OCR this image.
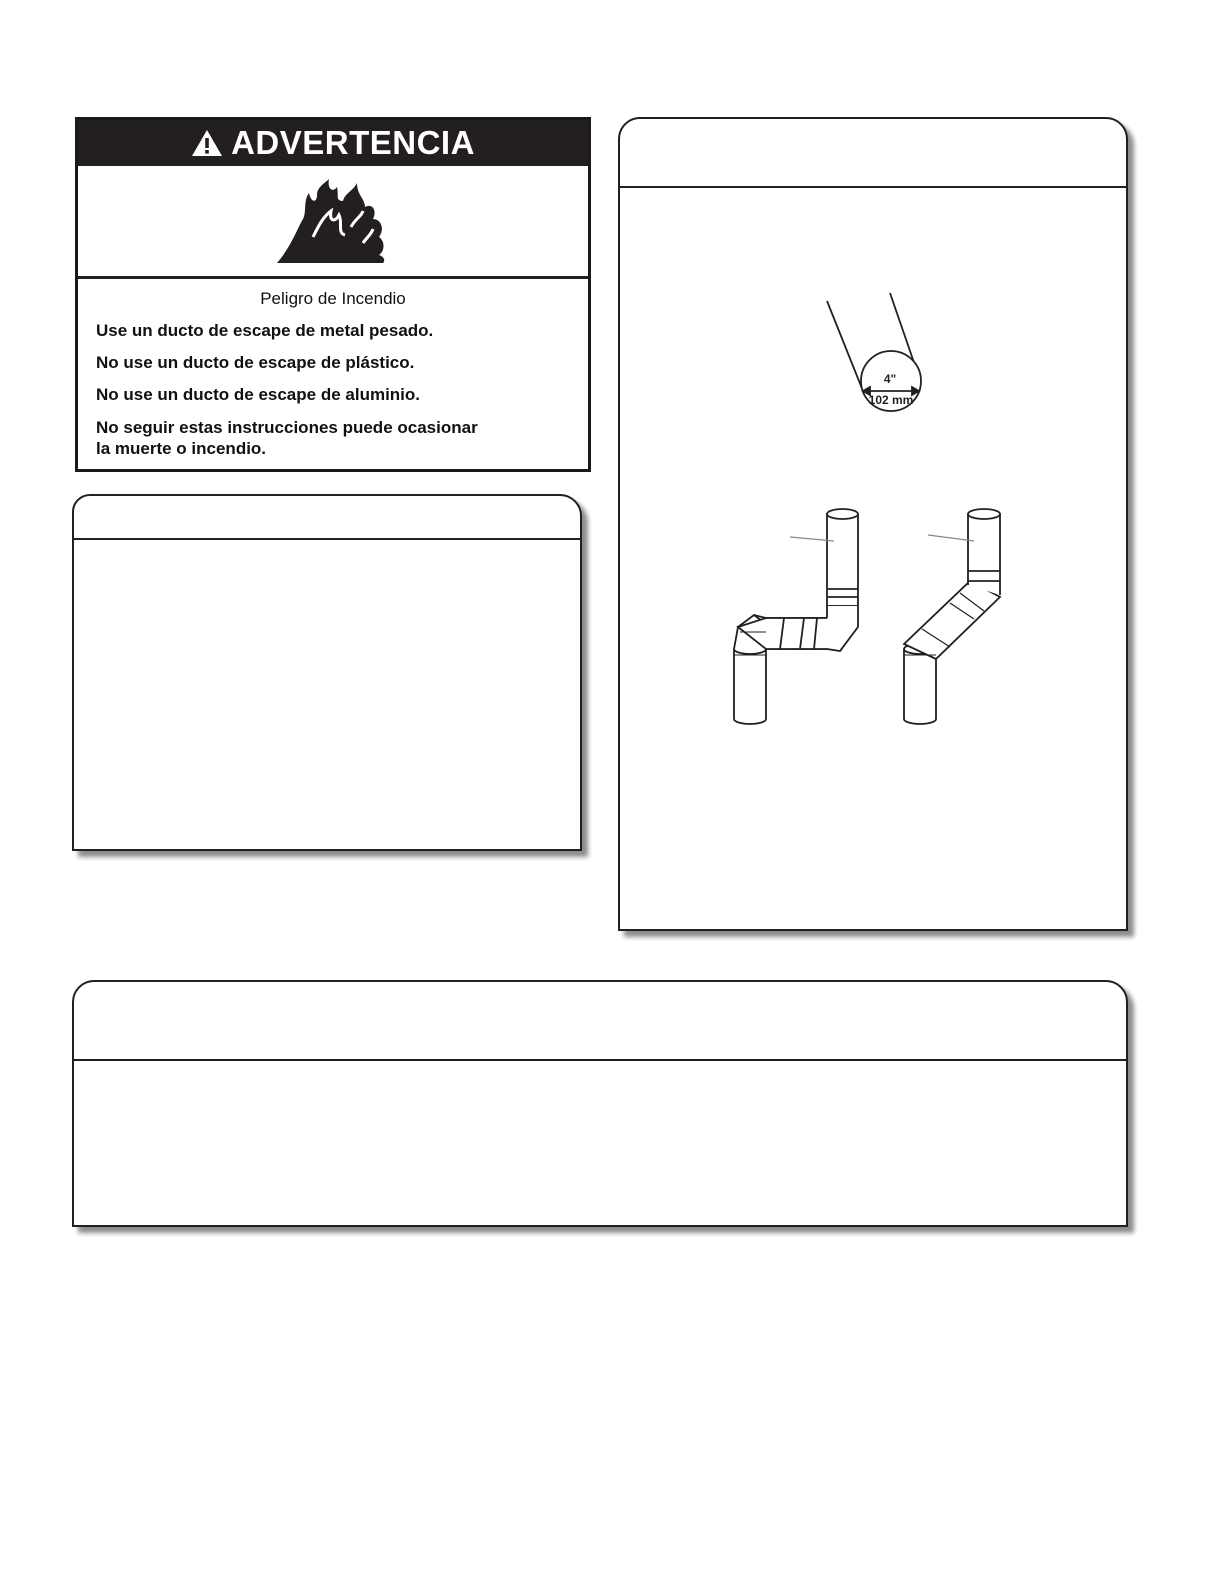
ADVERTENCIA

Peligro de Incendio

Use un ducto de escape de metal pesado.

No use un ducto de escape de plástico.

No use un ducto de escape de aluminio.

No seguir estas instrucciones puede ocasionar
la muerte o incendio.

4"
102 mm
